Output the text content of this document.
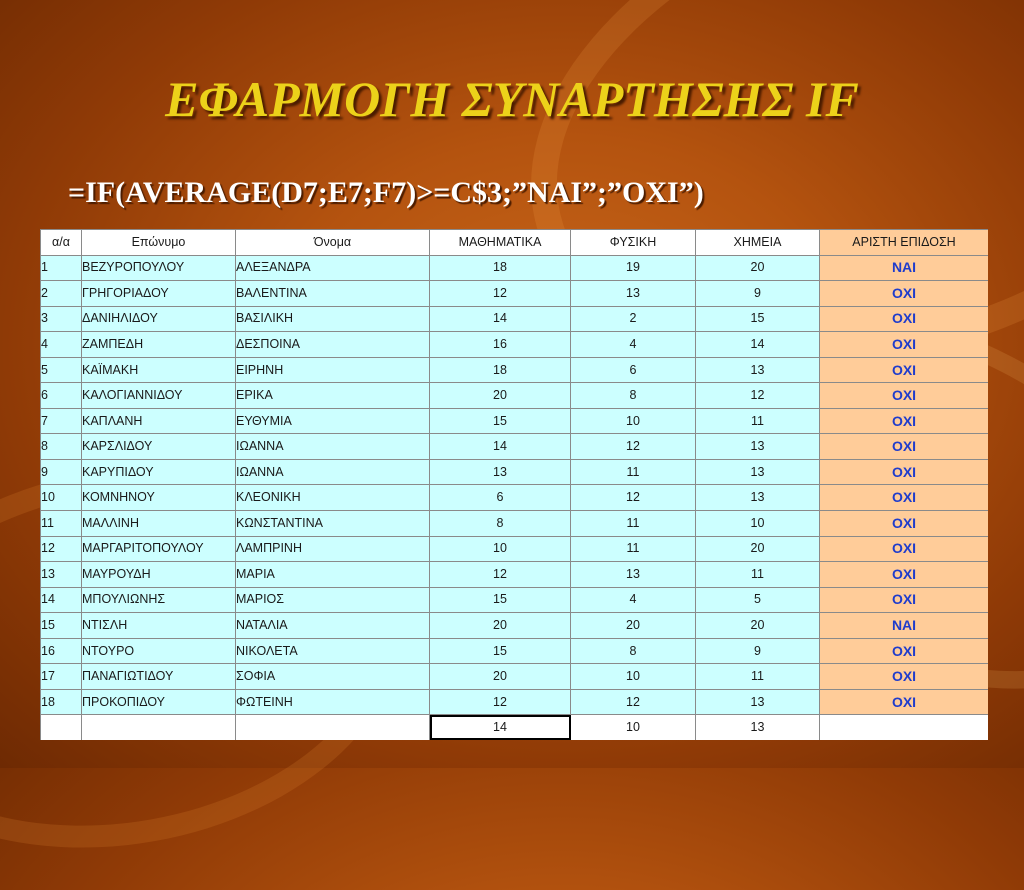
ΕΦΑΡΜΟΓΗ ΣΥΝΑΡΤΗΣΗΣ IF

=IF(AVERAGE(D7;E7;F7)>=C$3;”NAI”;”OXI”)

α/α	Επώνυμο	Όνομα	ΜΑΘΗΜΑΤΙΚΑ	ΦΥΣΙΚΗ	ΧΗΜΕΙΑ	ΑΡΙΣΤΗ ΕΠΙΔΟΣΗ
1	ΒΕΖΥΡΟΠΟΥΛΟΥ	ΑΛΕΞΑΝΔΡΑ	18	19	20	NAI
2	ΓΡΗΓΟΡΙΑΔΟΥ	ΒΑΛΕΝΤΙΝΑ	12	13	9	OXI
3	ΔΑΝΙΗΛΙΔΟΥ	ΒΑΣΙΛΙΚΗ	14	2	15	OXI
4	ΖΑΜΠΕΔΗ	ΔΕΣΠΟΙΝΑ	16	4	14	OXI
5	ΚΑΪΜΑΚΗ	ΕΙΡΗΝΗ	18	6	13	OXI
6	ΚΑΛΟΓΙΑΝΝΙΔΟΥ	ΕΡΙΚΑ	20	8	12	OXI
7	ΚΑΠΛΑΝΗ	ΕΥΘΥΜΙΑ	15	10	11	OXI
8	ΚΑΡΣΛΙΔΟΥ	ΙΩΑΝΝΑ	14	12	13	OXI
9	ΚΑΡΥΠΙΔΟΥ	ΙΩΑΝΝΑ	13	11	13	OXI
10	ΚΟΜΝΗΝΟΥ	ΚΛΕΟΝΙΚΗ	6	12	13	OXI
11	ΜΑΛΛΙΝΗ	ΚΩΝΣΤΑΝΤΙΝΑ	8	11	10	OXI
12	ΜΑΡΓΑΡΙΤΟΠΟΥΛΟΥ	ΛΑΜΠΡΙΝΗ	10	11	20	OXI
13	ΜΑΥΡΟΥΔΗ	ΜΑΡΙΑ	12	13	11	OXI
14	ΜΠΟΥΛΙΩΝΗΣ	ΜΑΡΙΟΣ	15	4	5	OXI
15	ΝΤΙΣΛΗ	ΝΑΤΑΛΙΑ	20	20	20	NAI
16	ΝΤΟΥΡΟ	ΝΙΚΟΛΕΤΑ	15	8	9	OXI
17	ΠΑΝΑΓΙΩΤΙΔΟΥ	ΣΟΦΙΑ	20	10	11	OXI
18	ΠΡΟΚΟΠΙΔΟΥ	ΦΩΤΕΙΝΗ	12	12	13	OXI
			14	10	13	
